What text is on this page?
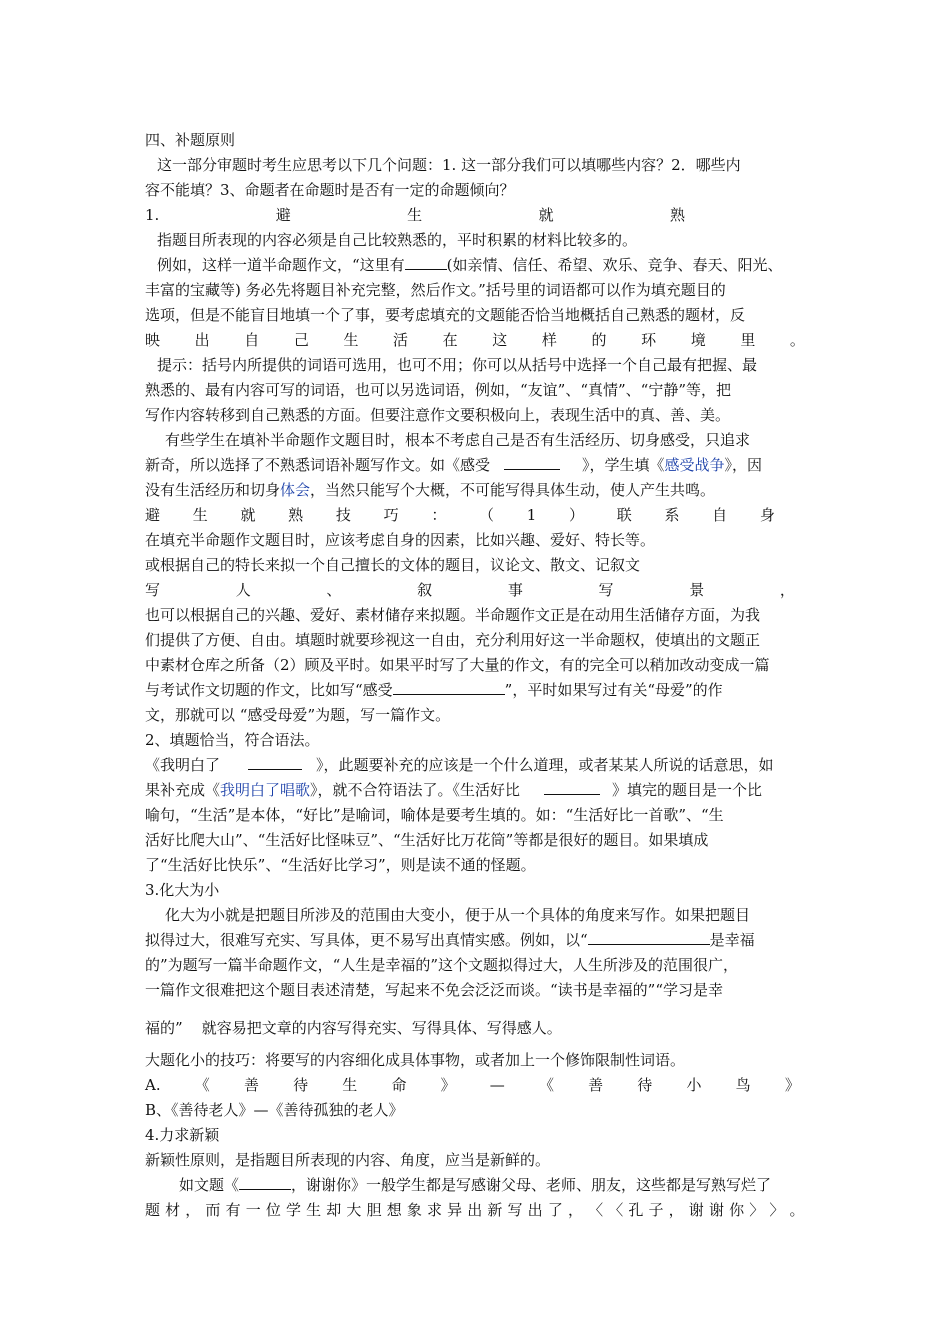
四、补题原则
这一部分审题时考生应思考以下几个问题：1. 这一部分我们可以填哪些内容？2．哪些内
容不能填？3、命题者在命题时是否有一定的命题倾向？
1.	避	生	就	熟
指题目所表现的内容必须是自己比较熟悉的，平时积累的材料比较多的。
例如，这样一道半命题作文，“这里有	(如亲情、信任、希望、欢乐、竞争、春天、阳光、
丰富的宝藏等) 务必先将题目补充完整，然后作文。”括号里的词语都可以作为填充题目的
选项，但是不能盲目地填一个了事，要考虑填充的文题能否恰当地概括自己熟悉的题材，反
映 出 自 己 生 活 在 这 样 的 环 境 里 。
提示：括号内所提供的词语可选用，也可不用；你可以从括号中选择一个自己最有把握、最
熟悉的、最有内容可写的词语，也可以另选词语，例如，“友谊”、“真情”、“宁静”等，把
写作内容转移到自己熟悉的方面。但要注意作文要积极向上，表现生活中的真、善、美。
有些学生在填补半命题作文题目时，根本不考虑自己是否有生活经历、切身感受，只追求
新奇，所以选择了不熟悉词语补题写作文。如《感受	》，学生填《感受战争》，因
没有生活经历和切身体会，当然只能写个大概，不可能写得具体生动，使人产生共鸣。
避 生 就 熟 技 巧 ： （ 1 ） 联 系 自 身
在填充半命题作文题目时，应该考虑自身的因素，比如兴趣、爱好、特长等。
或根据自己的特长来拟一个自己擅长的文体的题目，议论文、散文、记叙文
写	人	、	叙	事	写	景	，
也可以根据自己的兴趣、爱好、素材储存来拟题。半命题作文正是在动用生活储存方面，为我
们提供了方便、自由。填题时就要珍视这一自由，充分利用好这一半命题权，使填出的文题正
中素材仓库之所备（2）顾及平时。如果平时写了大量的作文，有的完全可以稍加改动变成一篇
与考试作文切题的作文，比如写“感受	”，平时如果写过有关“母爱”的作
文，那就可以 “感受母爱”为题，写一篇作文。
2、填题恰当，符合语法。
《我明白了	》，此题要补充的应该是一个什么道理，或者某某人所说的话意思，如
果补充成《我明白了唱歌》，就不合符语法了。《生活好比	》填完的题目是一个比
喻句，“生活”是本体，“好比”是喻词，喻体是要考生填的。如：“生活好比一首歌”、“生
活好比爬大山”、“生活好比怪味豆”、“生活好比万花筒”等都是很好的题目。如果填成
了“生活好比快乐”、“生活好比学习”，则是读不通的怪题。
3.化大为小
化大为小就是把题目所涉及的范围由大变小，便于从一个具体的角度来写作。如果把题目
拟得过大，很难写充实、写具体，更不易写出真情实感。例如，以“	是幸福
的”为题写一篇半命题作文，“人生是幸福的”这个文题拟得过大，人生所涉及的范围很广，
一篇作文很难把这个题目表述清楚，写起来不免会泛泛而谈。“读书是幸福的”“学习是幸
福的”    就容易把文章的内容写得充实、写得具体、写得感人。
大题化小的技巧：将要写的内容细化成具体事物，或者加上一个修饰限制性词语。
A. 《 善 待 生 命 》 — 《 善 待 小 鸟 》
B、《善待老人》—《善待孤独的老人》
4.力求新颖
新颖性原则，是指题目所表现的内容、角度，应当是新鲜的。
如文题《	，谢谢你》一般学生都是写感谢父母、老师、朋友，这些都是写熟写烂了
题 材 ， 而 有 一 位 学 生 却 大 胆 想 象 求 异 出 新 写 出 了 ， 〈 〈 孔 子 ， 谢 谢 你 〉 〉 。
